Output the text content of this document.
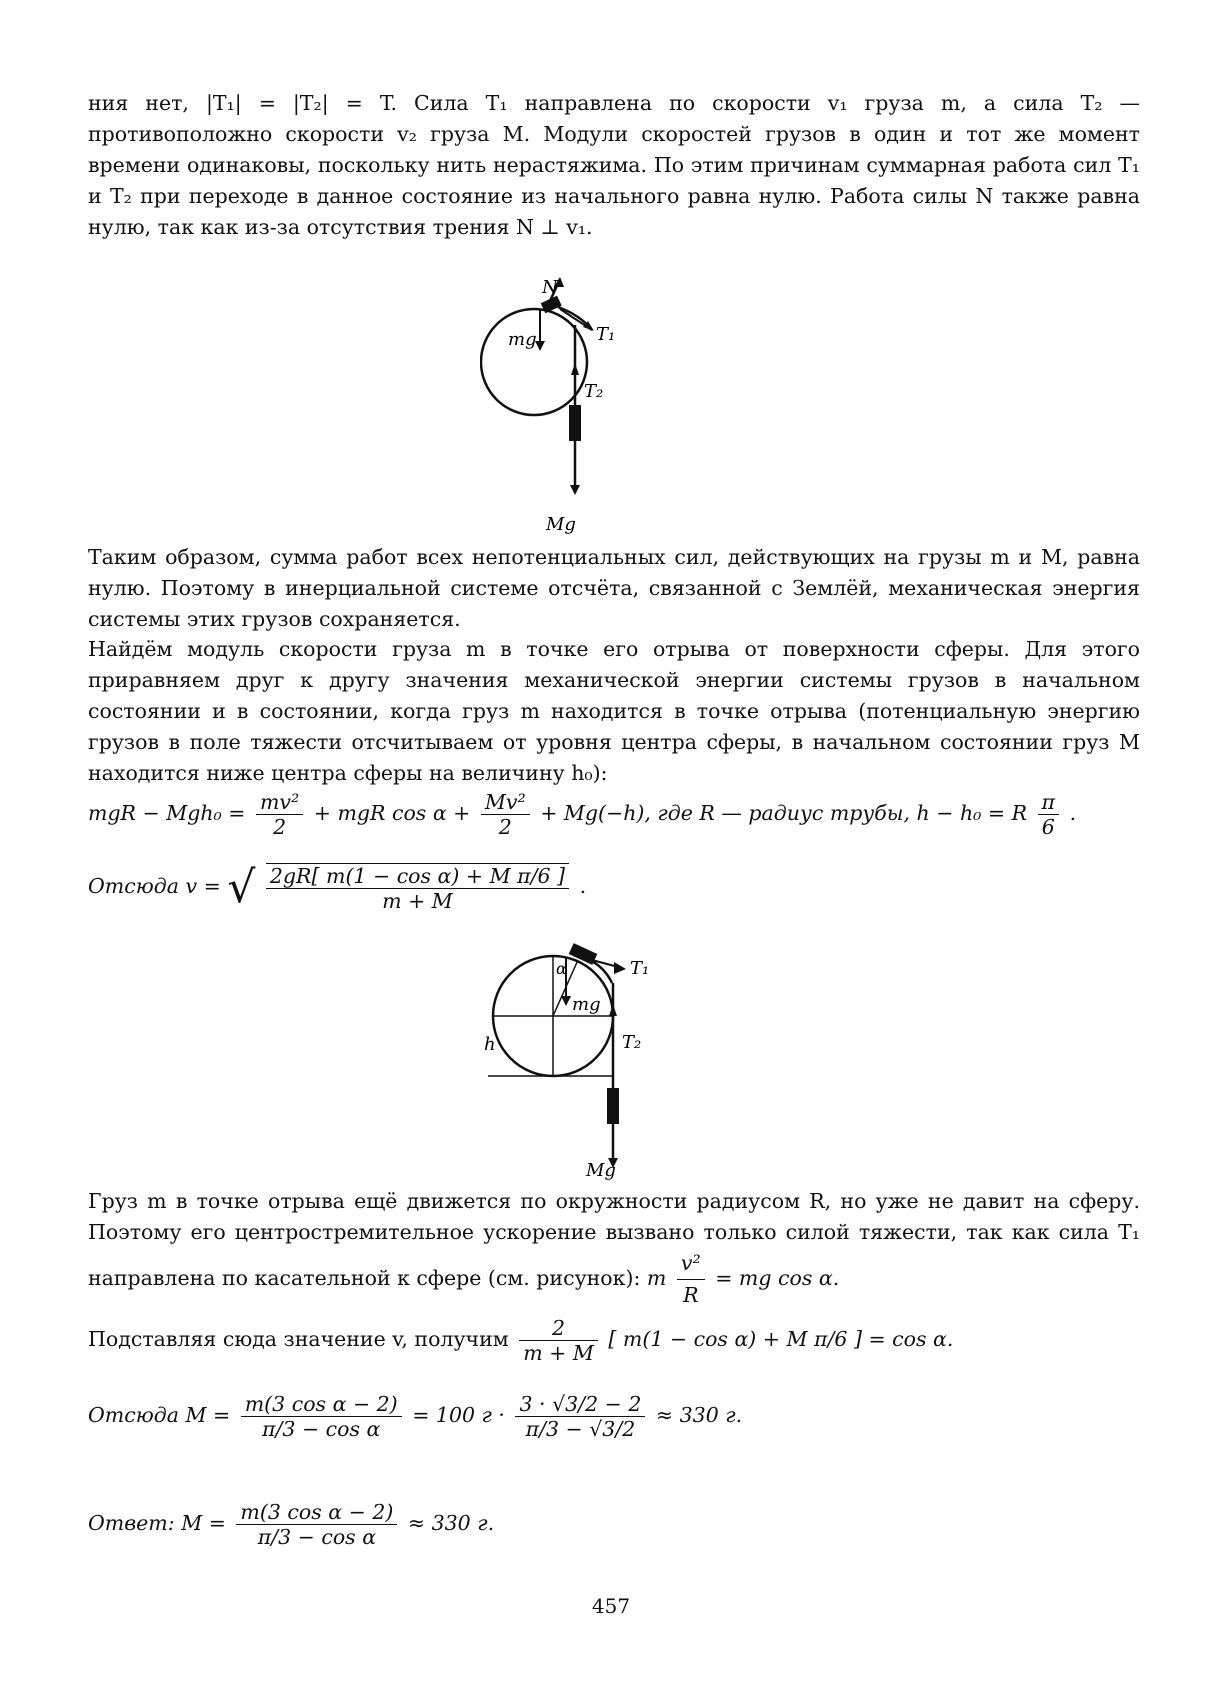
ния нет, |T₁| = |T₂| = T. Сила T₁ направлена по скорости v₁ груза m, а сила T₂ — противоположно скорости v₂ груза M. Модули скоростей грузов в один и тот же момент времени одинаковы, поскольку нить нерастяжима. По этим причинам суммарная работа сил T₁ и T₂ при переходе в данное состояние из начального равна нулю. Работа силы N также равна нулю, так как из-за отсутствия трения N ⊥ v₁.

N
mg	T₁
T₂
Mg

Таким образом, сумма работ всех непотенциальных сил, действующих на грузы m и M, равна нулю. Поэтому в инерциальной системе отсчёта, связанной с Землёй, механическая энергия системы этих грузов сохраняется.

Найдём модуль скорости груза m в точке его отрыва от поверхности сферы. Для этого приравняем друг к другу значения механической энергии системы грузов в начальном состоянии и в состоянии, когда груз m находится в точке отрыва (потенциальную энергию грузов в поле тяжести отсчитываем от уровня центра сферы, в начальном состоянии груз M находится ниже центра сферы на величину h₀):

mgR − $Mgh_0 = \frac{\text{mv²}}{2}$ + mgR $\cos \alpha + \frac{\text{Mv²}}{2} + Mg(-h)$, где R — радиус трубы, h − h₀ = R $\frac{\pi}{6}$ .
Отсюда v = √ $\frac{\text{2gR[ m(1 − cos α) + M π/6 ]}}{m + M}$ .
α
mg
T₁
T₂
h
Mg

Груз m в точке отрыва ещё движется по окружности радиусом R, но уже не давит на сферу. Поэтому его центростремительное ускорение вызвано только силой тяжести, так как сила T₁ направлена по касательной к сфере (см. рисунок): m $\frac{\text{v²}}{R}$ = mg cos α.

Подставляя сюда значение v, получим $\frac{2}{m + M}$ [ m(1 − cos α) + M π/6 ] = cos α.
Отсюда $M = \frac{\text{m(3 cos α − 2)}}{\text{π/3 − cos α}} = 100$ $г \cdot \frac{3 \cdot √3/2 - 2}{\pi/3 - √3/2} \approx 330$ г.
Ответ: $M = \frac{\text{m(3 cos α − 2)}}{\text{π/3 − cos α}} \approx 330$ г.
457
